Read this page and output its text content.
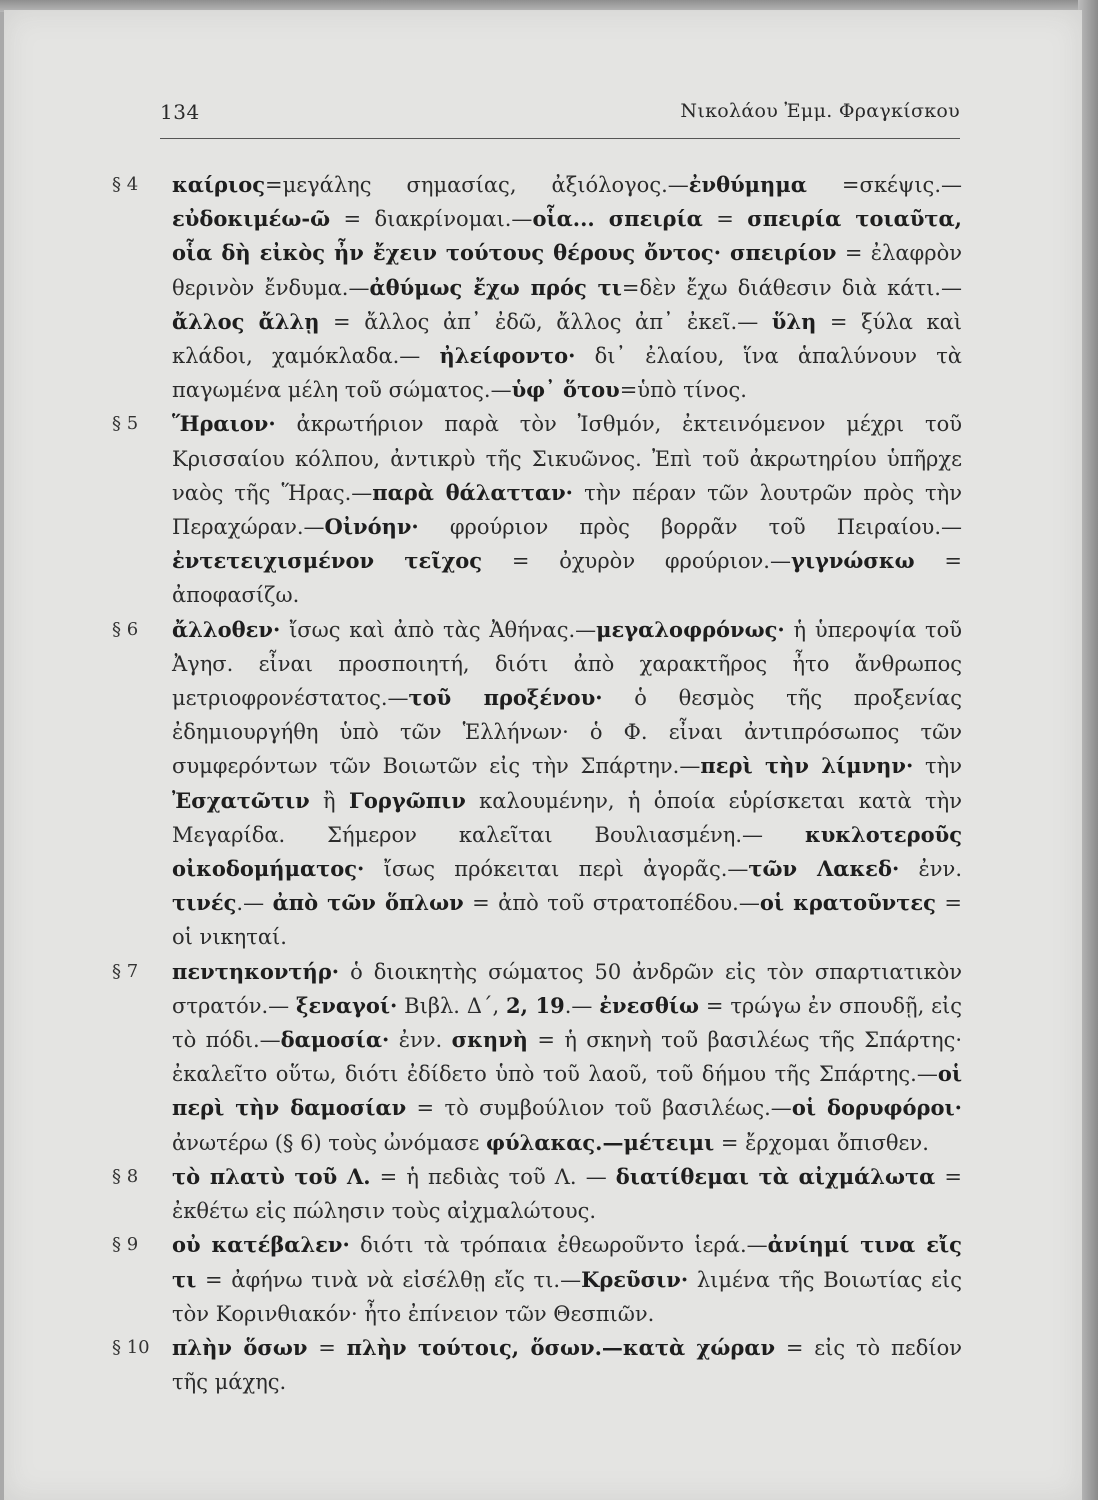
134	Νικολάου Ἐμμ. Φραγκίσκου

§ 4 καίριος=μεγάλης σημασίας, ἀξιόλογος.—ἐνθύμημα =σκέψις.—εὐδοκιμέω-ῶ = διακρίνομαι.—οἷα... σπειρία = σπειρία τοιαῦτα, οἷα δὴ εἰκὸς ἦν ἔχειν τούτους θέρους ὄντος· σπειρίον = ἐλαφρὸν θερινὸν ἔνδυμα.—ἀθύμως ἔχω πρός τι=δὲν ἔχω διάθεσιν διὰ κάτι.— ἄλλος ἄλλῃ = ἄλλος ἀπ᾽ ἐδῶ, ἄλλος ἀπ᾽ ἐκεῖ.— ὕλη = ξύλα καὶ κλάδοι, χαμόκλαδα.— ἠλείφοντο· δι᾽ ἐλαίου, ἵνα ἁπαλύνουν τὰ παγωμένα μέλη τοῦ σώματος.—ὑφ᾽ ὅτου=ὑπὸ τίνος.

§ 5 Ἥραιον· ἀκρωτήριον παρὰ τὸν Ἰσθμόν, ἐκτεινόμενον μέχρι τοῦ Κρισσαίου κόλπου, ἀντικρὺ τῆς Σικυῶνος. Ἐπὶ τοῦ ἀκρωτηρίου ὑπῆρχε ναὸς τῆς Ἥρας.—παρὰ θάλατταν· τὴν πέραν τῶν λουτρῶν πρὸς τὴν Περαχώραν.—Οἰνόην· φρούριον πρὸς βορρᾶν τοῦ Πειραίου.—ἐντετειχισμένον τεῖχος = ὀχυρὸν φρούριον.—γιγνώσκω = ἀποφασίζω.

§ 6 ἄλλοθεν· ἴσως καὶ ἀπὸ τὰς Ἀθήνας.—μεγαλοφρόνως· ἡ ὑπεροψία τοῦ Ἀγησ. εἶναι προσποιητή, διότι ἀπὸ χαρακτῆρος ἦτο ἄνθρωπος μετριοφρονέστατος.—τοῦ προξένου· ὁ θεσμὸς τῆς προξενίας ἐδημιουργήθη ὑπὸ τῶν Ἑλλήνων· ὁ Φ. εἶναι ἀντιπρόσωπος τῶν συμφερόντων τῶν Βοιωτῶν εἰς τὴν Σπάρτην.—περὶ τὴν λίμνην· τὴν Ἐσχατῶτιν ἢ Γοργῶπιν καλουμένην, ἡ ὁποία εὑρίσκεται κατὰ τὴν Μεγαρίδα. Σήμερον καλεῖται Βουλιασμένη.— κυκλοτεροῦς οἰκοδομήματος· ἴσως πρόκειται περὶ ἀγορᾶς.—τῶν Λακεδ· ἐνν. τινές.— ἀπὸ τῶν ὅπλων = ἀπὸ τοῦ στρατοπέδου.—οἱ κρατοῦντες = οἱ νικηταί.

§ 7 πεντηκοντήρ· ὁ διοικητὴς σώματος 50 ἀνδρῶν εἰς τὸν σπαρτιατικὸν στρατόν.— ξεναγοί· Βιβλ. Δ΄, 2, 19.— ἐνεσθίω = τρώγω ἐν σπουδῇ, εἰς τὸ πόδι.—δαμοσία· ἐνν. σκηνὴ = ἡ σκηνὴ τοῦ βασιλέως τῆς Σπάρτης· ἐκαλεῖτο οὕτω, διότι ἐδίδετο ὑπὸ τοῦ λαοῦ, τοῦ δήμου τῆς Σπάρτης.—οἱ περὶ τὴν δαμοσίαν = τὸ συμβούλιον τοῦ βασιλέως.—οἱ δορυφόροι· ἀνωτέρω (§ 6) τοὺς ὠνόμασε φύλακας.—μέτειμι = ἔρχομαι ὄπισθεν.

§ 8 τὸ πλατὺ τοῦ Λ. = ἡ πεδιὰς τοῦ Λ. — διατίθεμαι τὰ αἰχμάλωτα = ἐκθέτω εἰς πώλησιν τοὺς αἰχμαλώτους.

§ 9 οὐ κατέβαλεν· διότι τὰ τρόπαια ἐθεωροῦντο ἱερά.—ἀνίημί τινα εἴς τι = ἀφήνω τινὰ νὰ εἰσέλθῃ εἴς τι.—Κρεῦσιν· λιμένα τῆς Βοιωτίας εἰς τὸν Κορινθιακόν· ἦτο ἐπίνειον τῶν Θεσπιῶν.

§ 10 πλὴν ὅσων = πλὴν τούτοις, ὅσων.—κατὰ χώραν = εἰς τὸ πεδίον τῆς μάχης.
